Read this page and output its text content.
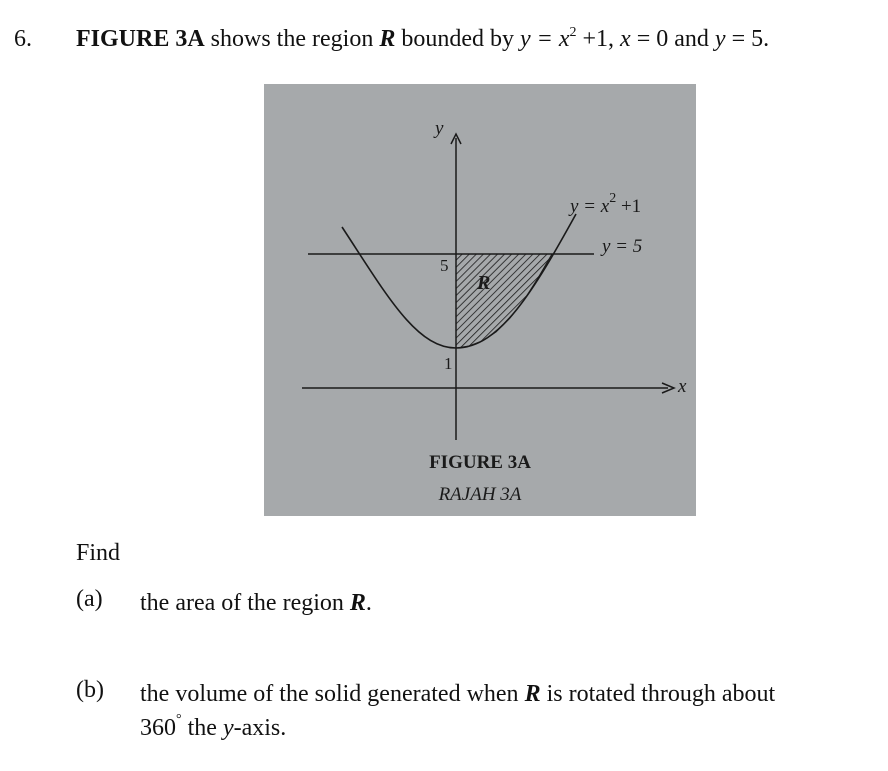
6. FIGURE 3A shows the region R bounded by $y = x^2 +1$, x = 0 and y = 5.
y
x
$y = x^2 +1$
y = 5
5
1
R
FIGURE 3A
RAJAH 3A
Find
(a) the area of the region R.
(b) the volume of the solid generated when R is rotated through about
360° the y-axis.
